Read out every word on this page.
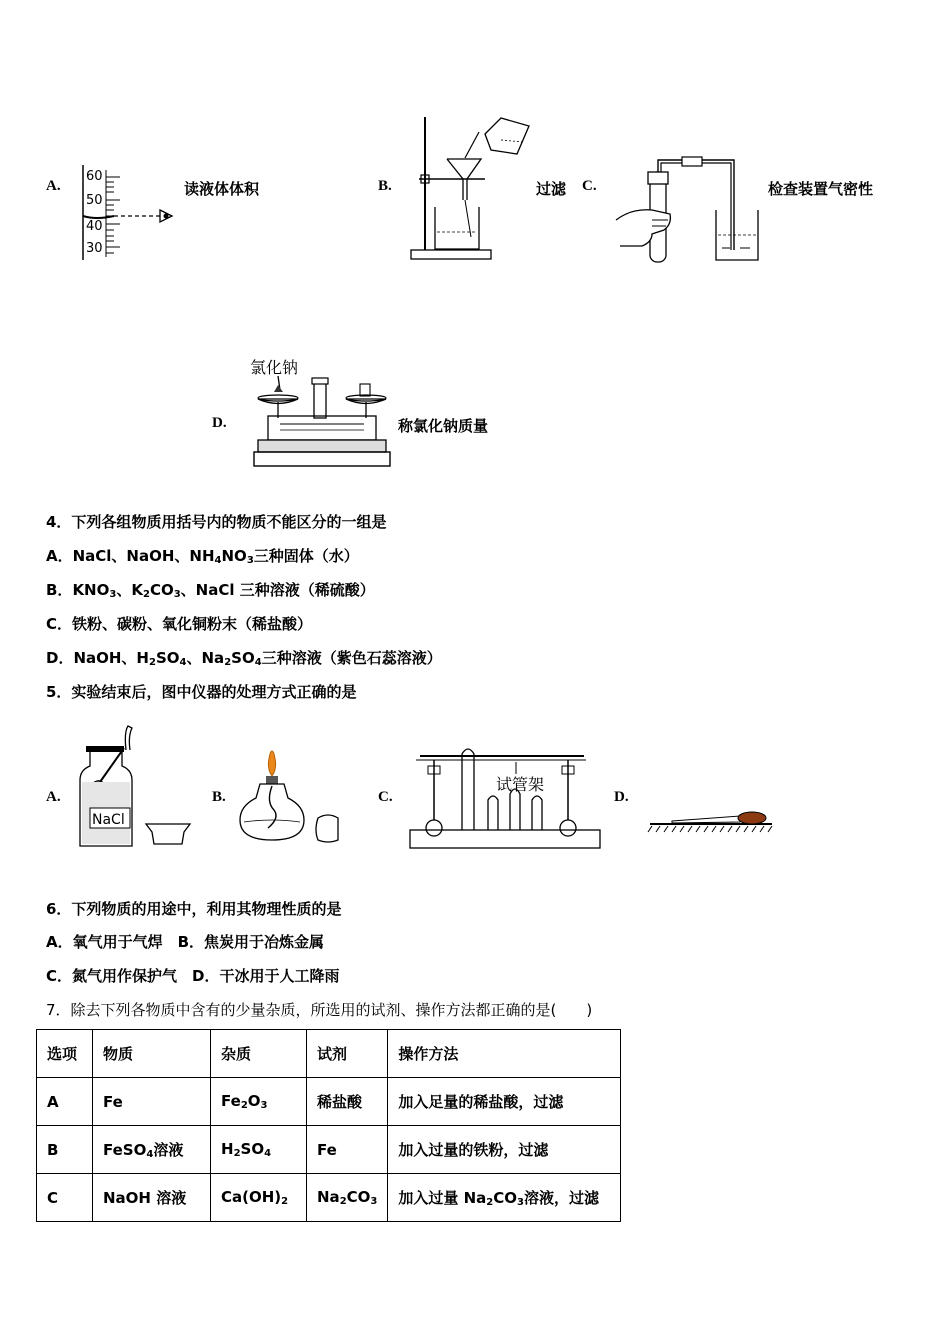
A.
60
50
40
30
读液体体积	B.	过滤 C.	检查装置气密性
D.
氯化钠
称氯化钠质量
4．下列各组物质用括号内的物质不能区分的一组是
A．NaCl、NaOH、$NH_4NO_3$三种固体（水）
B．$KNO_3$、$K_2CO_3$、NaCl 三种溶液（稀硫酸）
C．铁粉、碳粉、氧化铜粉末（稀盐酸）
D．NaOH、$H_2SO_4$、$Na_2SO_4$三种溶液（紫色石蕊溶液）
5．实验结束后，图中仪器的处理方式正确的是
A.
NaCl
B.	C.
试管架
D.
6．下列物质的用途中，利用其物理性质的是
A．氧气用于气焊　B．焦炭用于冶炼金属
C．氮气用作保护气　D．干冰用于人工降雨
7．除去下列各物质中含有的少量杂质，所选用的试剂、操作方法都正确的是(　　)
选项	物质	杂质	试剂	操作方法
A	Fe	$Fe_2O_3$	稀盐酸	加入足量的稀盐酸，过滤
B	FeSO$_4$溶液	$H_2SO_4$	Fe	加入过量的铁粉，过滤
C	NaOH 溶液	$Ca(OH)_2$	$Na_2CO_3$	加入过量 $Na_2CO_3$溶液，过滤
